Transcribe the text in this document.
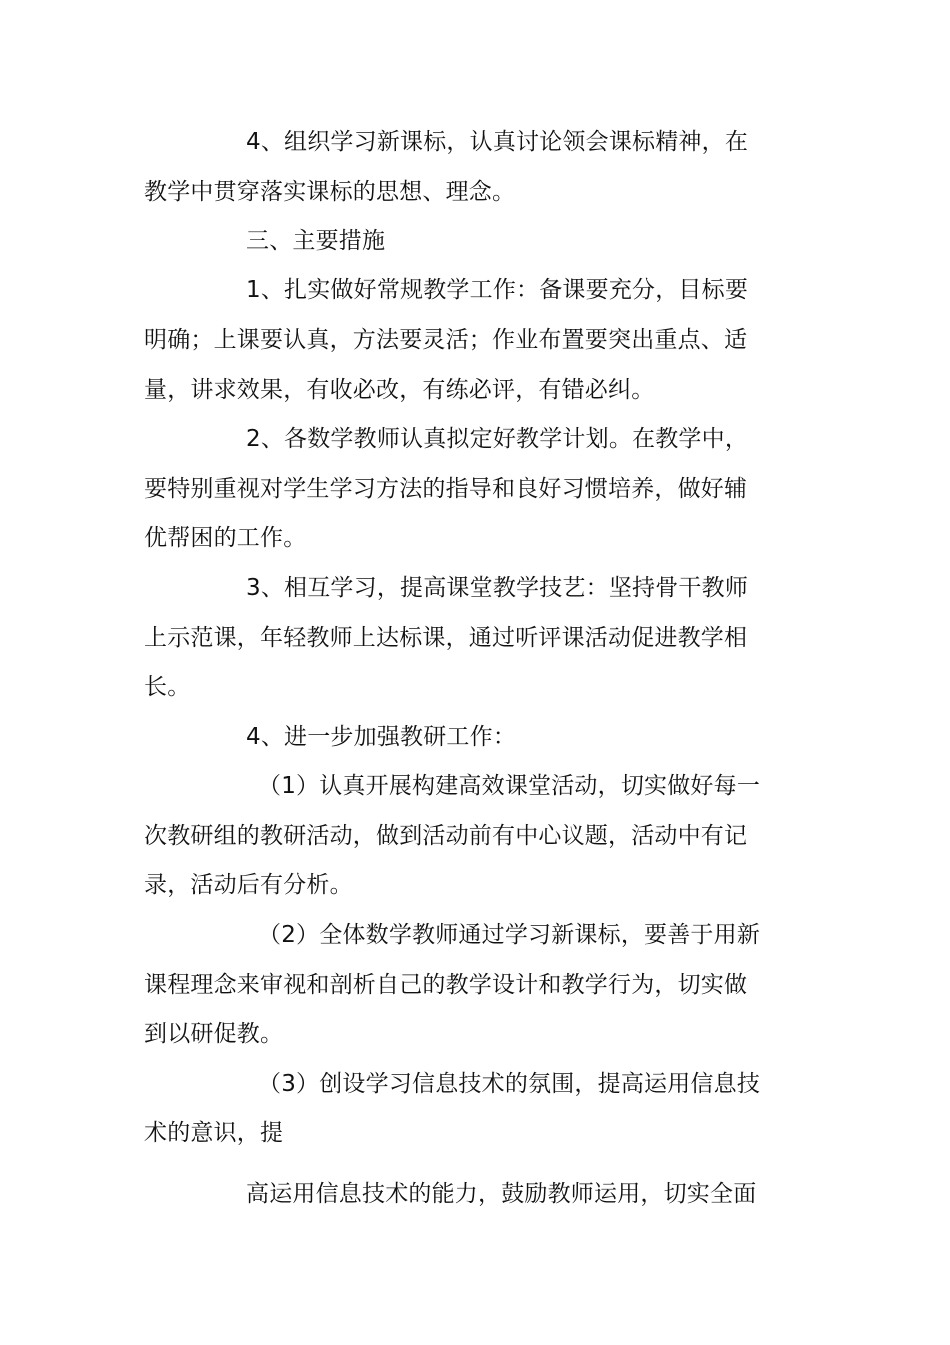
4、组织学习新课标，认真讨论领会课标精神，在
教学中贯穿落实课标的思想、理念。
三、主要措施
1、扎实做好常规教学工作：备课要充分，目标要
明确；上课要认真，方法要灵活；作业布置要突出重点、适
量，讲求效果，有收必改，有练必评，有错必纠。
2、各数学教师认真拟定好教学计划。在教学中，
要特别重视对学生学习方法的指导和良好习惯培养，做好辅
优帮困的工作。
3、相互学习，提高课堂教学技艺：坚持骨干教师
上示范课，年轻教师上达标课，通过听评课活动促进教学相
长。
4、进一步加强教研工作：
（1）认真开展构建高效课堂活动，切实做好每一
次教研组的教研活动，做到活动前有中心议题，活动中有记
录，活动后有分析。
（2）全体数学教师通过学习新课标，要善于用新
课程理念来审视和剖析自己的教学设计和教学行为，切实做
到以研促教。
（3）创设学习信息技术的氛围，提高运用信息技
术的意识，提
高运用信息技术的能力，鼓励教师运用，切实全面
